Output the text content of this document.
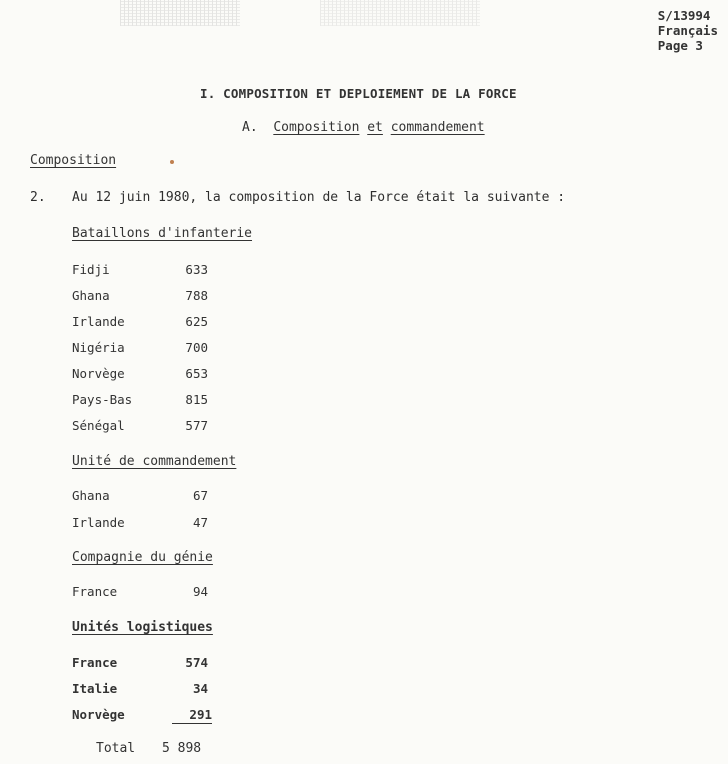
S/13994
Français
Page 3
I. COMPOSITION ET DEPLOIEMENT DE LA FORCE
A. Composition et commandement
Composition
2. Au 12 juin 1980, la composition de la Force était la suivante :
Bataillons d'infanterie
Fidji	633
Ghana	788
Irlande	625
Nigéria	700
Norvège	653
Pays-Bas	815
Sénégal	577
Unité de commandement
Ghana	67
Irlande	47
Compagnie du génie
France	94
Unités logistiques
France	574
Italie	34
Norvège	291
Total 5 898
